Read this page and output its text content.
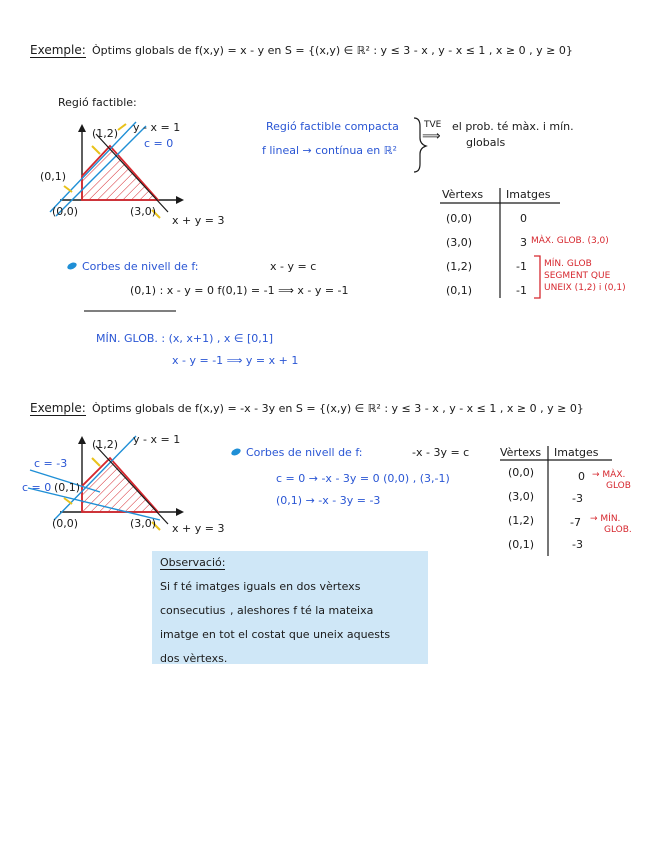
Exemple: Òptims globals de f(x,y) = x - y en S = {(x,y) ∈ ℝ² : y ≤ 3 - x , y - x ≤ 1 , x ≥ 0 , y ≥ 0}
Regió factible:
(1,2) y - x = 1
c = 0
(0,1)
(0,0)	(3,0)
x + y = 3
Regió factible compacta
f lineal → contínua en ℝ²
TVE
⟹
el prob. té màx. i mín.
globals
Vèrtexs Imatges
(0,0)	0
(3,0)	3
(1,2)	-1
(0,1)	-1
MÀX. GLOB. (3,0)
MÍN. GLOB
SEGMENT QUE
UNEIX (1,2) i (0,1)
Corbes de nivell de f:	x - y = c
(0,1) : x - y = 0 f(0,1) = -1 ⟹ x - y = -1
MÍN. GLOB. : (x, x+1) , x ∈ [0,1]
x - y = -1 ⟹ y = x + 1
Exemple: Òptims globals de f(x,y) = -x - 3y en S = {(x,y) ∈ ℝ² : y ≤ 3 - x , y - x ≤ 1 , x ≥ 0 , y ≥ 0}
(1,2) y - x = 1
c = -3
c = 0 (0,1)
(0,0)	(3,0) x + y = 3
Corbes de nivell de f:	-x - 3y = c
c = 0 → -x - 3y = 0 (0,0) , (3,-1)
(0,1) → -x - 3y = -3
Vèrtexs Imatges
(0,0)	0
(3,0)	-3
(1,2)	-7
(0,1)	-3
→ MÀX.
GLOB
→ MÍN.
GLOB.
Observació:
Si f té imatges iguals en dos vèrtexs
consecutius , aleshores f té la mateixa
imatge en tot el costat que uneix aquests
dos vèrtexs.
